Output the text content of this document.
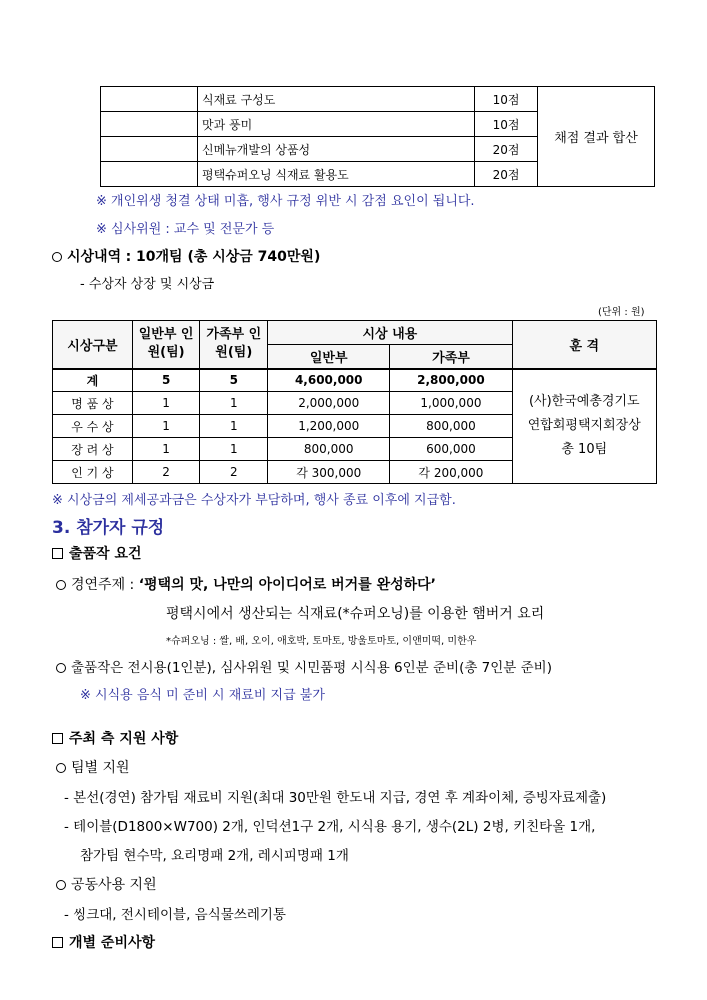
	식재료 구성도	10점	채점 결과 합산
	맛과 풍미	10점	
	신메뉴개발의 상품성	20점	
	평택슈퍼오닝 식재료 활용도	20점	
※ 개인위생 청결 상태 미흡, 행사 규정 위반 시 감점 요인이 됩니다.
※ 심사위원 : 교수 및 전문가 등
시상내역 : 10개팀 (총 시상금 740만원)
- 수상자 상장 및 시상금
(단위 : 원)
시상구분	일반부 인원(팀)	가족부 인원(팀)	시상 내용		훈 격
			일반부	가족부	
계	5	5	4,600,000	2,800,000	(사)한국예총경기도
연합회평택지회장상
총 10팀

명 품 상	1	1	2,000,000	1,000,000	
우 수 상	1	1	1,200,000	800,000	
장 려 상	1	1	800,000	600,000	
인 기 상	2	2	각 300,000	각 200,000	
※ 시상금의 제세공과금은 수상자가 부담하며, 행사 종료 이후에 지급함.
3. 참가자 규정
출품작 요건
경연주제 : ‘평택의 맛, 나만의 아이디어로 버거를 완성하다’
평택시에서 생산되는 식재료(*슈퍼오닝)를 이용한 햄버거 요리
*슈퍼오닝 : 쌀, 배, 오이, 애호박, 토마토, 방울토마토, 이앤미떡, 미한우
출품작은 전시용(1인분), 심사위원 및 시민품평 시식용 6인분 준비(총 7인분 준비)
※ 시식용 음식 미 준비 시 재료비 지급 불가
주최 측 지원 사항
팀별 지원
- 본선(경연) 참가팀 재료비 지원(최대 30만원 한도내 지급, 경연 후 계좌이체, 증빙자료제출)
- 테이블(D1800×W700) 2개, 인덕션1구 2개, 시식용 용기, 생수(2L) 2병, 키친타올 1개,
참가팀 현수막, 요리명패 2개, 레시피명패 1개
공동사용 지원
- 씽크대, 전시테이블, 음식물쓰레기통
개별 준비사항
